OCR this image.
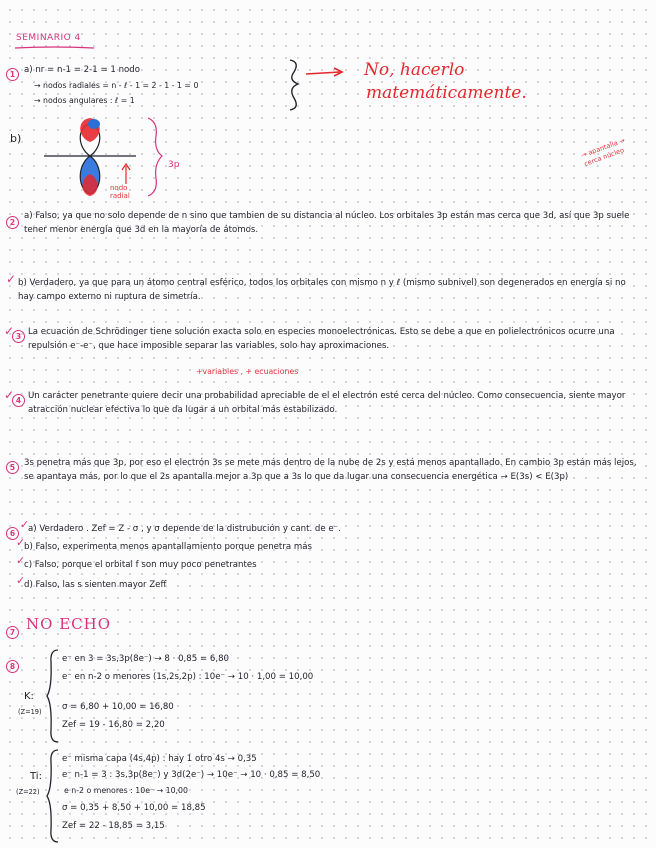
SEMINARIO 4
1	a) nr = n-1 = 2-1 = 1 nodo
→ nodos radiales = n - ℓ - 1 = 2 - 1 - 1 = 0
→ nodos angulares : ℓ = 1
No, hacerlo
matemáticamente.
b)
3p
nodo radial
→ apantalla → cerca núcleo
2
a) Falso, ya que no solo depende de n sino que tambien de su distancia al núcleo. Los orbitales 3p están mas cerca que 3d, así que 3p suele tener menor energía que 3d en la mayoría de átomos.
✓ b) Verdadero, ya que para un átomo central esférico, todos los orbitales con mismo n y ℓ (mismo subnivel) son degenerados en energía si no hay campo externo ni ruptura de simetría.
✓ 3 La ecuación de Schrödinger tiene solución exacta solo en especies monoelectrónicas. Esto se debe a que en polielectrónicos ocurre una repulsión e⁻-e⁻, que hace imposible separar las variables, solo hay aproximaciones.
+variables , + ecuaciones
✓ 4 Un carácter penetrante quiere decir una probabilidad apreciable de el el electrón esté cerca del núcleo. Como consecuencia, siente mayor atracción nuclear efectiva lo que da lugar a un orbital más estabilizado.
5	3s penetra más que 3p, por eso el electrón 3s se mete más dentro de la nube de 2s y está menos apantallado. En cambio 3p están más lejos, se apantaya más, por lo que el 2s apantalla mejor a 3p que a 3s lo que da lugar una consecuencia energética → E(3s) < E(3p)
6
✓
a) Verdadero . Zef = Z - σ , y σ depende de la distrubución y cant. de e⁻.
✓
b) Falso, experimenta menos apantallamiento porque penetra más
✓
c) Falso, porque el orbital f son muy poco penetrantes
✓
d) Falso, las s sienten mayor Zeff
7 NO ECHO
8
K:
(Z=19)
e⁻ en 3 = 3s,3p(8e⁻) → 8 · 0,85 = 6,80
e⁻ en n-2 o menores (1s,2s,2p) : 10e⁻ → 10 · 1,00 = 10,00
σ = 6,80 + 10,00 = 16,80
Zef = 19 - 16,80 = 2,20
Ti:
(Z=22)
e⁻ misma capa (4s,4p) : hay 1 otro 4s → 0,35
e⁻ n-1 = 3 : 3s,3p(8e⁻) y 3d(2e⁻) → 10e⁻ → 10 · 0,85 = 8,50
e n-2 o menores : 10e⁻ → 10,00
σ = 0,35 + 8,50 + 10,00 = 18,85
Zef = 22 - 18,85 = 3,15
